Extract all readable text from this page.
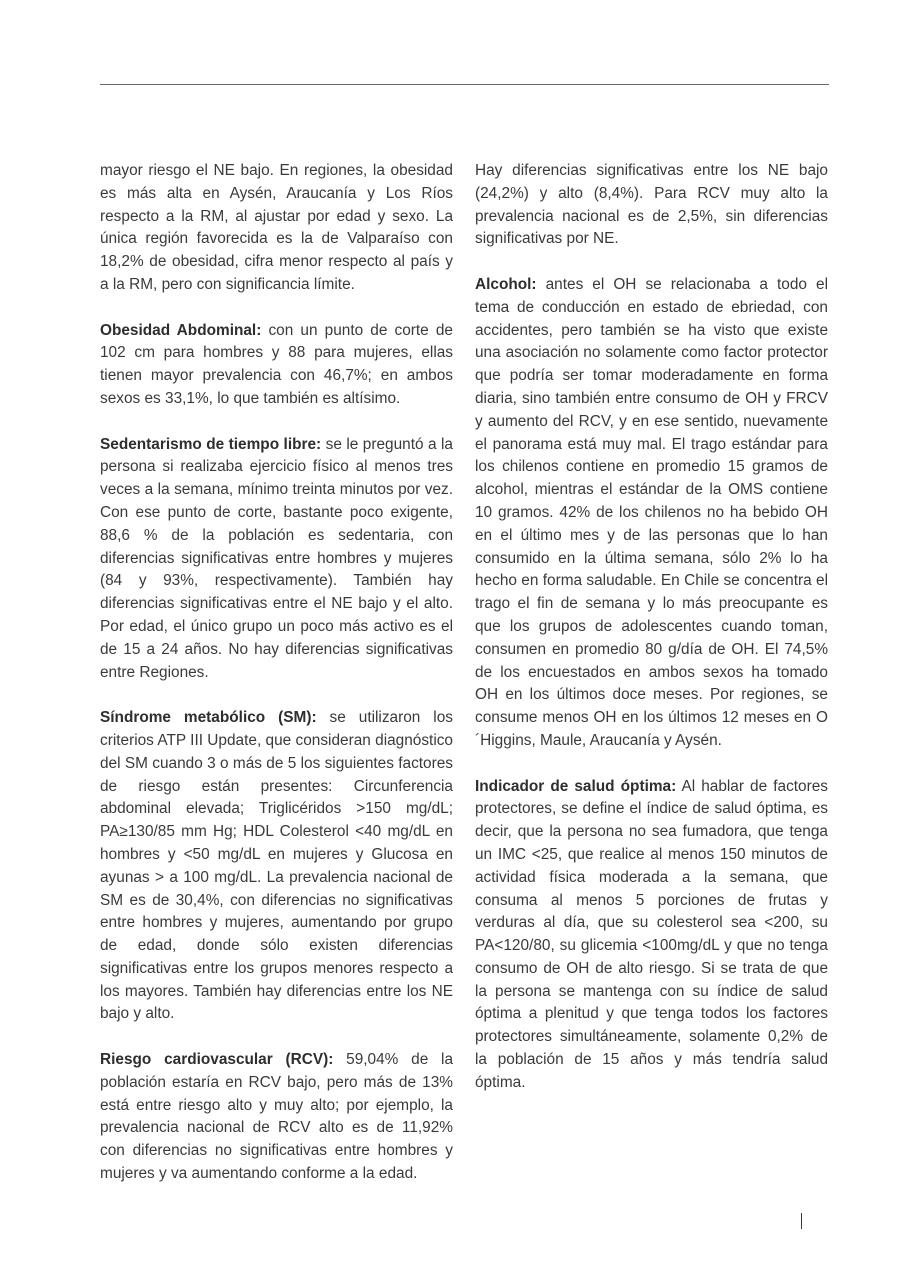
mayor riesgo el NE bajo. En regiones, la obesidad es más alta en Aysén, Araucanía y Los Ríos respecto a la RM, al ajustar por edad y sexo. La única región favorecida es la de Valparaíso con 18,2% de obesidad, cifra menor respecto al país y a la RM, pero con significancia límite.

Obesidad Abdominal: con un punto de corte de 102 cm para hombres y 88 para mujeres, ellas tienen mayor prevalencia con 46,7%; en ambos sexos es 33,1%, lo que también es altísimo.

Sedentarismo de tiempo libre: se le preguntó a la persona si realizaba ejercicio físico al menos tres veces a la semana, mínimo treinta minutos por vez. Con ese punto de corte, bastante poco exigente, 88,6 % de la población es sedentaria, con diferencias significativas entre hombres y mujeres (84 y 93%, respectivamente). También hay diferencias significativas entre el NE bajo y el alto. Por edad, el único grupo un poco más activo es el de 15 a 24 años. No hay diferencias significativas entre Regiones.

Síndrome metabólico (SM): se utilizaron los criterios ATP III Update, que consideran diagnóstico del SM cuando 3 o más de 5 los siguientes factores de riesgo están presentes: Circunferencia abdominal elevada; Triglicéridos >150 mg/dL; PA≥130/85 mm Hg; HDL Colesterol <40 mg/dL en hombres y <50 mg/dL en mujeres y Glucosa en ayunas > a 100 mg/dL. La prevalencia nacional de SM es de 30,4%, con diferencias no significativas entre hombres y mujeres, aumentando por grupo de edad, donde sólo existen diferencias significativas entre los grupos menores respecto a los mayores. También hay diferencias entre los NE bajo y alto.

Riesgo cardiovascular (RCV): 59,04% de la población estaría en RCV bajo, pero más de 13% está entre riesgo alto y muy alto; por ejemplo, la prevalencia nacional de RCV alto es de 11,92% con diferencias no significativas entre hombres y mujeres y va aumentando conforme a la edad.

Hay diferencias significativas entre los NE bajo (24,2%) y alto (8,4%). Para RCV muy alto la prevalencia nacional es de 2,5%, sin diferencias significativas por NE.

Alcohol: antes el OH se relacionaba a todo el tema de conducción en estado de ebriedad, con accidentes, pero también se ha visto que existe una asociación no solamente como factor protector que podría ser tomar moderadamente en forma diaria, sino también entre consumo de OH y FRCV y aumento del RCV, y en ese sentido, nuevamente el panorama está muy mal. El trago estándar para los chilenos contiene en promedio 15 gramos de alcohol, mientras el estándar de la OMS contiene 10 gramos. 42% de los chilenos no ha bebido OH en el último mes y de las personas que lo han consumido en la última semana, sólo 2% lo ha hecho en forma saludable. En Chile se concentra el trago el fin de semana y lo más preocupante es que los grupos de adolescentes cuando toman, consumen en promedio 80 g/día de OH. El 74,5% de los encuestados en ambos sexos ha tomado OH en los últimos doce meses. Por regiones, se consume menos OH en los últimos 12 meses en O´Higgins, Maule, Araucanía y Aysén.

Indicador de salud óptima: Al hablar de factores protectores, se define el índice de salud óptima, es decir, que la persona no sea fumadora, que tenga un IMC <25, que realice al menos 150 minutos de actividad física moderada a la semana, que consuma al menos 5 porciones de frutas y verduras al día, que su colesterol sea <200, su PA<120/80, su glicemia <100mg/dL y que no tenga consumo de OH de alto riesgo. Si se trata de que la persona se mantenga con su índice de salud óptima a plenitud y que tenga todos los factores protectores simultáneamente, solamente 0,2% de la población de 15 años y más tendría salud óptima.
